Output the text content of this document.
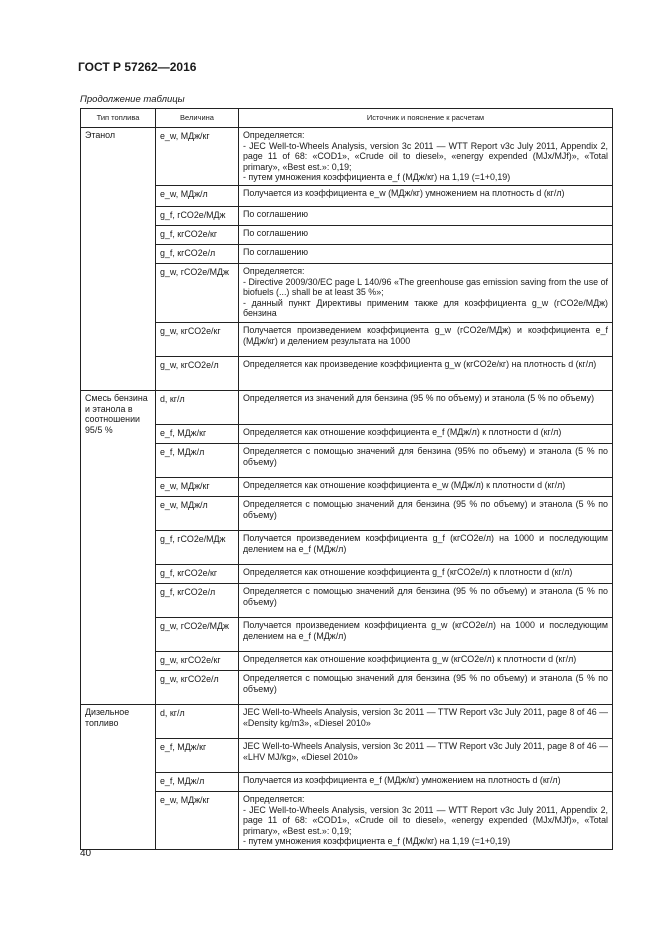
ГОСТ Р 57262—2016

Продолжение таблицы

Тип топлива	Величина	Источник и пояснение к расчетам
Этанол	e_w, МДж/кг	Определяется:
- JEC Well-to-Wheels Analysis, version 3c 2011 — WTT Report v3c July 2011, Appendix 2, page 11 of 68: «COD1», «Crude oil to diesel», «energy expended (MJx/MJf)», «Total primary», «Best est.»: 0,19;
- путем умножения коэффициента e_f (МДж/кг) на 1,19 (=1+0,19)
	e_w, МДж/л	Получается из коэффициента e_w (МДж/кг) умножением на плотность d (кг/л)
	g_f, гCO2e/МДж	По соглашению
	g_f, кгCO2e/кг	По соглашению
	g_f, кгCO2e/л	По соглашению
	g_w, гCO2e/МДж	Определяется:
- Directive 2009/30/EC page L 140/96 «The greenhouse gas emission saving from the use of biofuels (...) shall be at least 35 %»;
- данный пункт Директивы применим также для коэффициента g_w (гCO2e/МДж) бензина
	g_w, кгCO2e/кг	Получается произведением коэффициента g_w (гCO2e/МДж) и коэффициента e_f (МДж/кг) и делением результата на 1000
	g_w, кгCO2e/л	Определяется как произведение коэффициента g_w (кгCO2e/кг) на плотность d (кг/л)
Смесь бензина и этанола в соотношении 95/5 %	d, кг/л	Определяется из значений для бензина (95 % по объему) и этанола (5 % по объему)
	e_f, МДж/кг	Определяется как отношение коэффициента e_f (МДж/л) к плотности d (кг/л)
	e_f, МДж/л	Определяется с помощью значений для бензина (95% по объему) и этанола (5 % по объему)
	e_w, МДж/кг	Определяется как отношение коэффициента e_w (МДж/л) к плотности d (кг/л)
	e_w, МДж/л	Определяется с помощью значений для бензина (95 % по объему) и этанола (5 % по объему)
	g_f, гCO2e/МДж	Получается произведением коэффициента g_f (кгCO2e/л) на 1000 и последующим делением на e_f (МДж/л)
	g_f, кгCO2e/кг	Определяется как отношение коэффициента g_f (кгCO2e/л) к плотности d (кг/л)
	g_f, кгCO2e/л	Определяется с помощью значений для бензина (95 % по объему) и этанола (5 % по объему)
	g_w, гCO2e/МДж	Получается произведением коэффициента g_w (кгCO2e/л) на 1000 и последующим делением на e_f (МДж/л)
	g_w, кгCO2e/кг	Определяется как отношение коэффициента g_w (кгCO2e/л) к плотности d (кг/л)
	g_w, кгCO2e/л	Определяется с помощью значений для бензина (95 % по объему) и этанола (5 % по объему)
Дизельное топливо	d, кг/л	JEC Well-to-Wheels Analysis, version 3c 2011 — TTW Report v3c July 2011, page 8 of 46 — «Density kg/m3», «Diesel 2010»
	e_f, МДж/кг	JEC Well-to-Wheels Analysis, version 3c 2011 — TTW Report v3c July 2011, page 8 of 46 — «LHV MJ/kg», «Diesel 2010»
	e_f, МДж/л	Получается из коэффициента e_f (МДж/кг) умножением на плотность d (кг/л)
	e_w, МДж/кг	Определяется:
- JEC Well-to-Wheels Analysis, version 3c 2011 — WTT Report v3c July 2011, Appendix 2, page 11 of 68: «COD1», «Crude oil to diesel», «energy expended (MJx/MJf)», «Total primary», «Best est.»: 0,19;
- путем умножения коэффициента e_f (МДж/кг) на 1,19 (=1+0,19)

40
